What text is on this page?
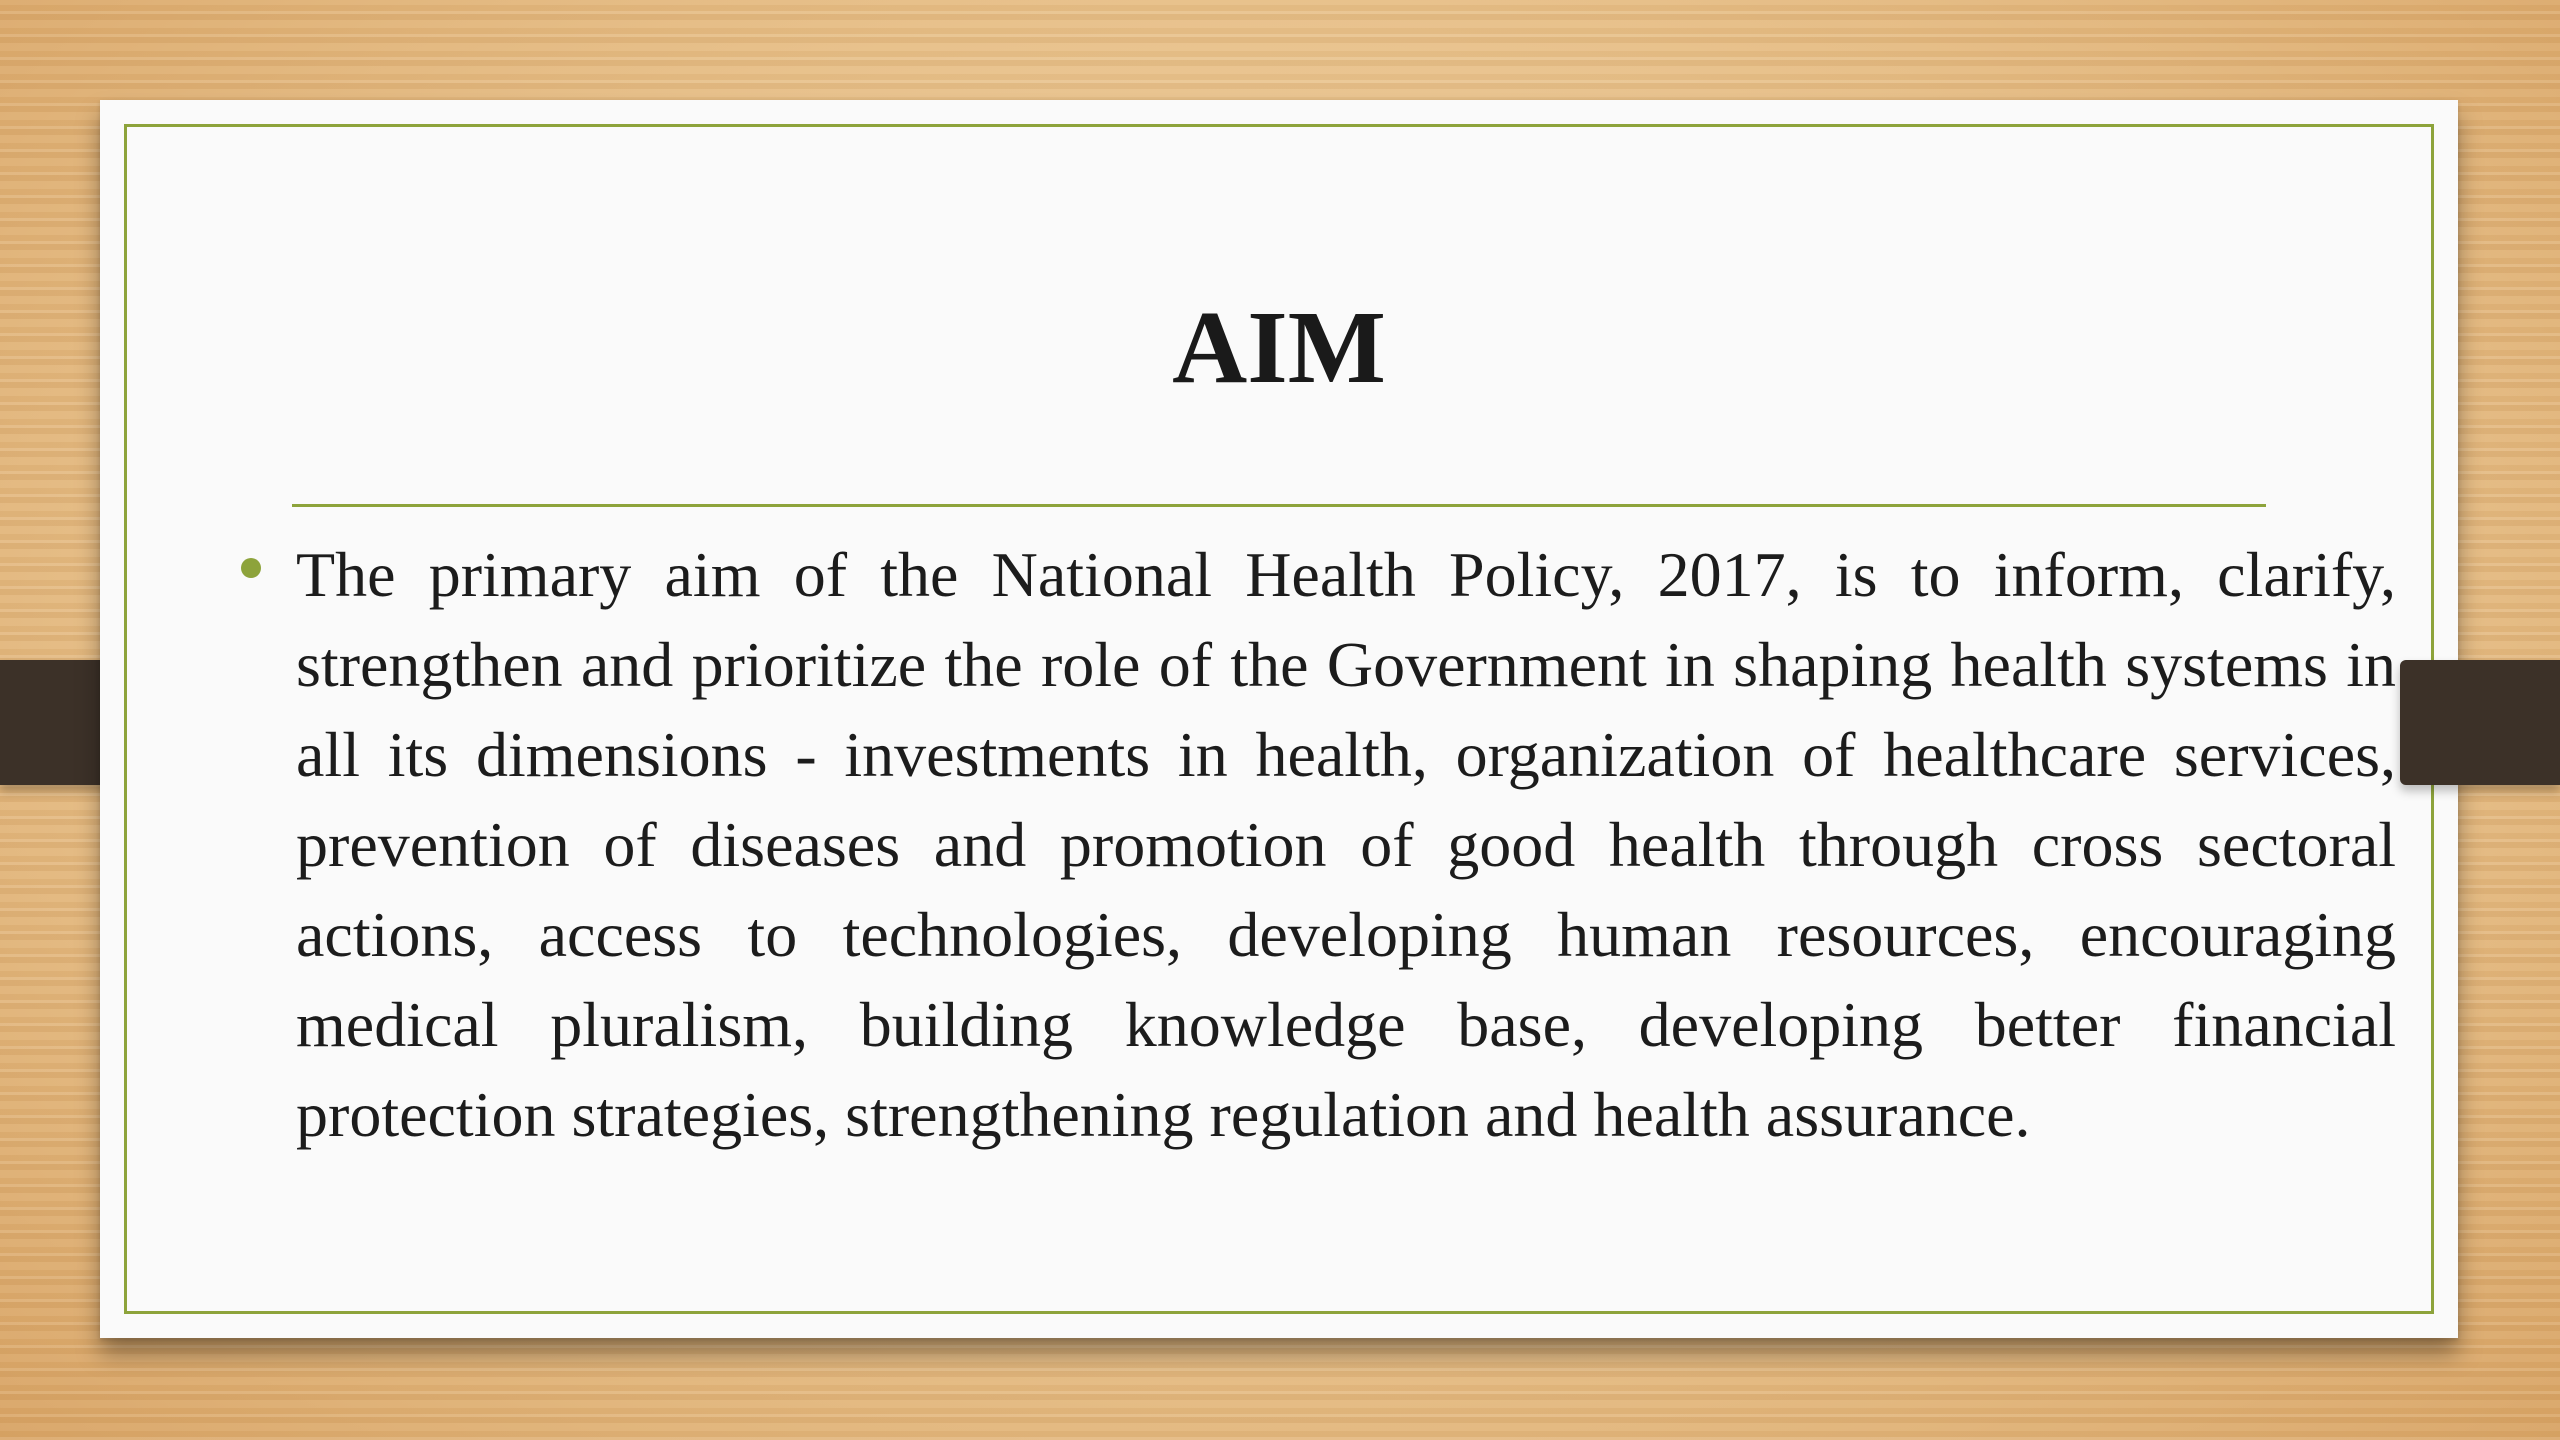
AIM

The primary aim of the National Health Policy, 2017, is to inform, clarify, strengthen and prioritize the role of the Government in shaping health systems in all its dimensions - investments in health, organization of healthcare services, prevention of diseases and promotion of good health through cross sectoral actions, access to technologies, developing human resources, encouraging medical pluralism, building knowledge base, developing better financial protection strategies, strengthening regulation and health assurance.
